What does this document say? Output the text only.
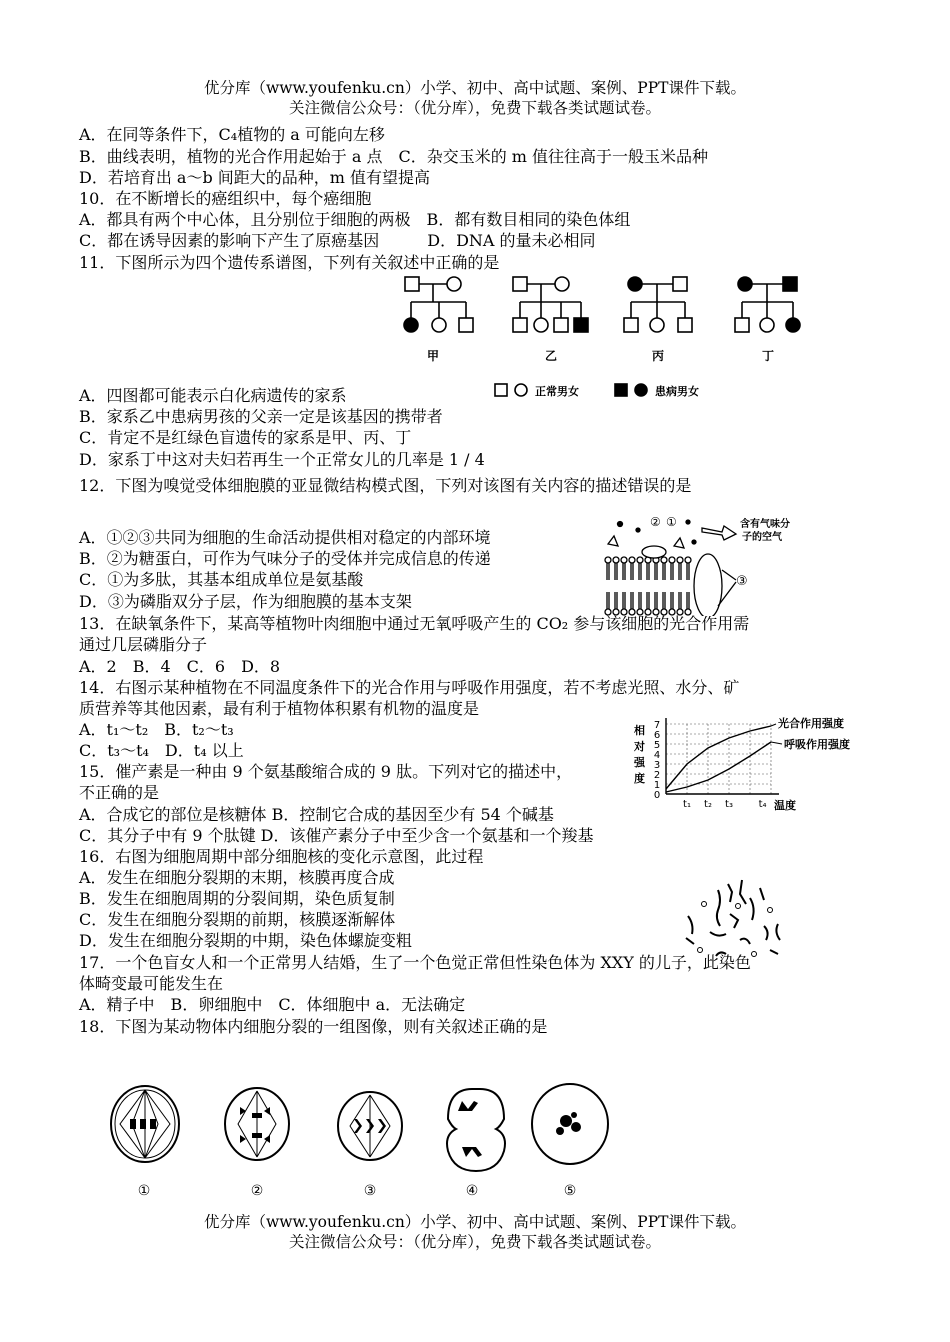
优分库（www.youfenku.cn）小学、初中、高中试题、案例、PPT课件下载。
关注微信公众号：（优分库），免费下载各类试题试卷。
A．在同等条件下，C₄植物的 a 可能向左移
B．曲线表明，植物的光合作用起始于 a 点　C．杂交玉米的 m 值往往高于一般玉米品种
D．若培育出 a～b 间距大的品种，m 值有望提高
10．在不断增长的癌组织中，每个癌细胞
A．都具有两个中心体，且分别位于细胞的两极　B．都有数目相同的染色体组
C．都在诱导因素的影响下产生了原癌基因　　　D．DNA 的量未必相同
11．下图所示为四个遗传系谱图，下列有关叙述中正确的是
A．四图都可能表示白化病遗传的家系
B．家系乙中患病男孩的父亲一定是该基因的携带者
C．肯定不是红绿色盲遗传的家系是甲、丙、丁
D．家系丁中这对夫妇若再生一个正常女儿的几率是 1 / 4
12．下图为嗅觉受体细胞膜的亚显微结构模式图，下列对该图有关内容的描述错误的是
A．①②③共同为细胞的生命活动提供相对稳定的内部环境
B．②为糖蛋白，可作为气味分子的受体并完成信息的传递
C．①为多肽，其基本组成单位是氨基酸
D．③为磷脂双分子层，作为细胞膜的基本支架
13．在缺氧条件下，某高等植物叶肉细胞中通过无氧呼吸产生的 CO₂ 参与该细胞的光合作用需
通过几层磷脂分子
A．2　B．4　C．6　D．8
14．右图示某种植物在不同温度条件下的光合作用与呼吸作用强度，若不考虑光照、水分、矿
质营养等其他因素，最有利于植物体积累有机物的温度是
A．t₁～t₂　B．t₂～t₃
C．t₃～t₄　D．t₄ 以上
15．催产素是一种由 9 个氨基酸缩合成的 9 肽。下列对它的描述中，
不正确的是
A．合成它的部位是核糖体 B．控制它合成的基因至少有 54 个碱基
C．其分子中有 9 个肽键 D．该催产素分子中至少含一个氨基和一个羧基
16．右图为细胞周期中部分细胞核的变化示意图，此过程
A．发生在细胞分裂期的末期，核膜再度合成
B．发生在细胞周期的分裂间期，染色质复制
C．发生在细胞分裂期的前期，核膜逐渐解体
D．发生在细胞分裂期的中期，染色体螺旋变粗
17．一个色盲女人和一个正常男人结婚，生了一个色觉正常但性染色体为 XXY 的儿子，此染色
体畸变最可能发生在
A．精子中　B．卵细胞中　C．体细胞中 a．无法确定
18．下图为某动物体内细胞分裂的一组图像，则有关叙述正确的是
甲	乙	丙	丁
正常男女	患病男女
② ①
③
含有气味分
子的空气
0
1
2
3
4
5
6
7
t₁ t₂ t₃	t₄
相
对
强
度
光合作用强度
呼吸作用强度
温度
①	②	③	④	⑤
优分库（www.youfenku.cn）小学、初中、高中试题、案例、PPT课件下载。
关注微信公众号：（优分库），免费下载各类试题试卷。
